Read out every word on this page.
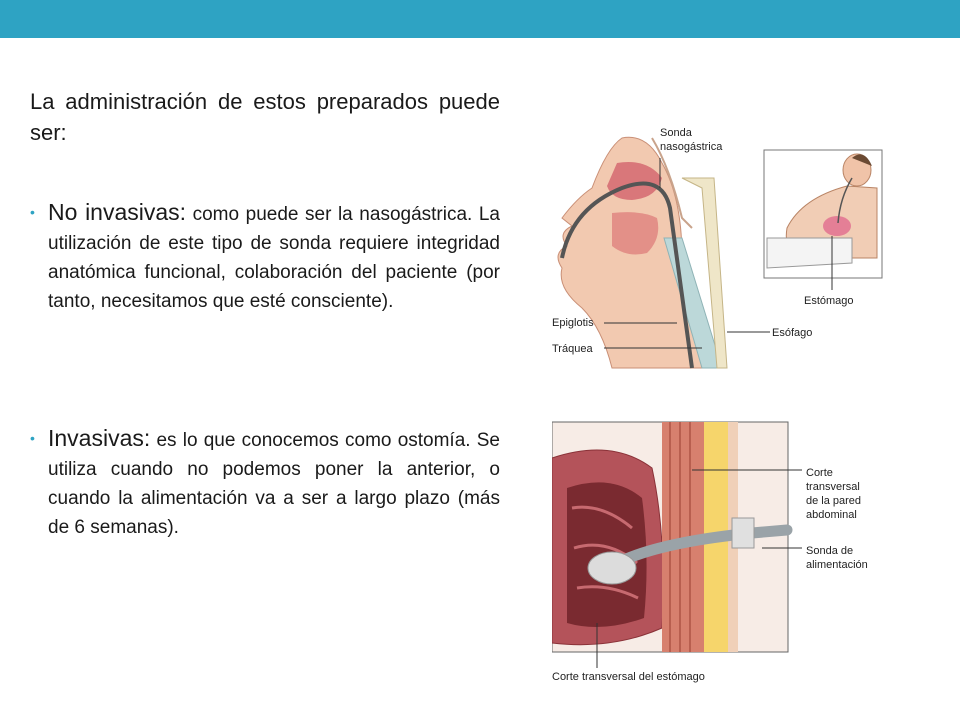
La administración de estos preparados puede ser:

• No invasivas: como puede ser la nasogástrica. La utilización de este tipo de sonda requiere integridad anatómica funcional, colaboración del paciente (por tanto, necesitamos que esté consciente).

• Invasivas: es lo que conocemos como ostomía. Se utiliza cuando no podemos poner la anterior, o cuando la alimentación va a ser a largo plazo (más de 6 semanas).

Sonda
nasogástrica
Epiglotis
Tráquea
Esófago
Estómago
Corte
transversal
de la pared
abdominal
Sonda de
alimentación
Corte transversal del estómago
